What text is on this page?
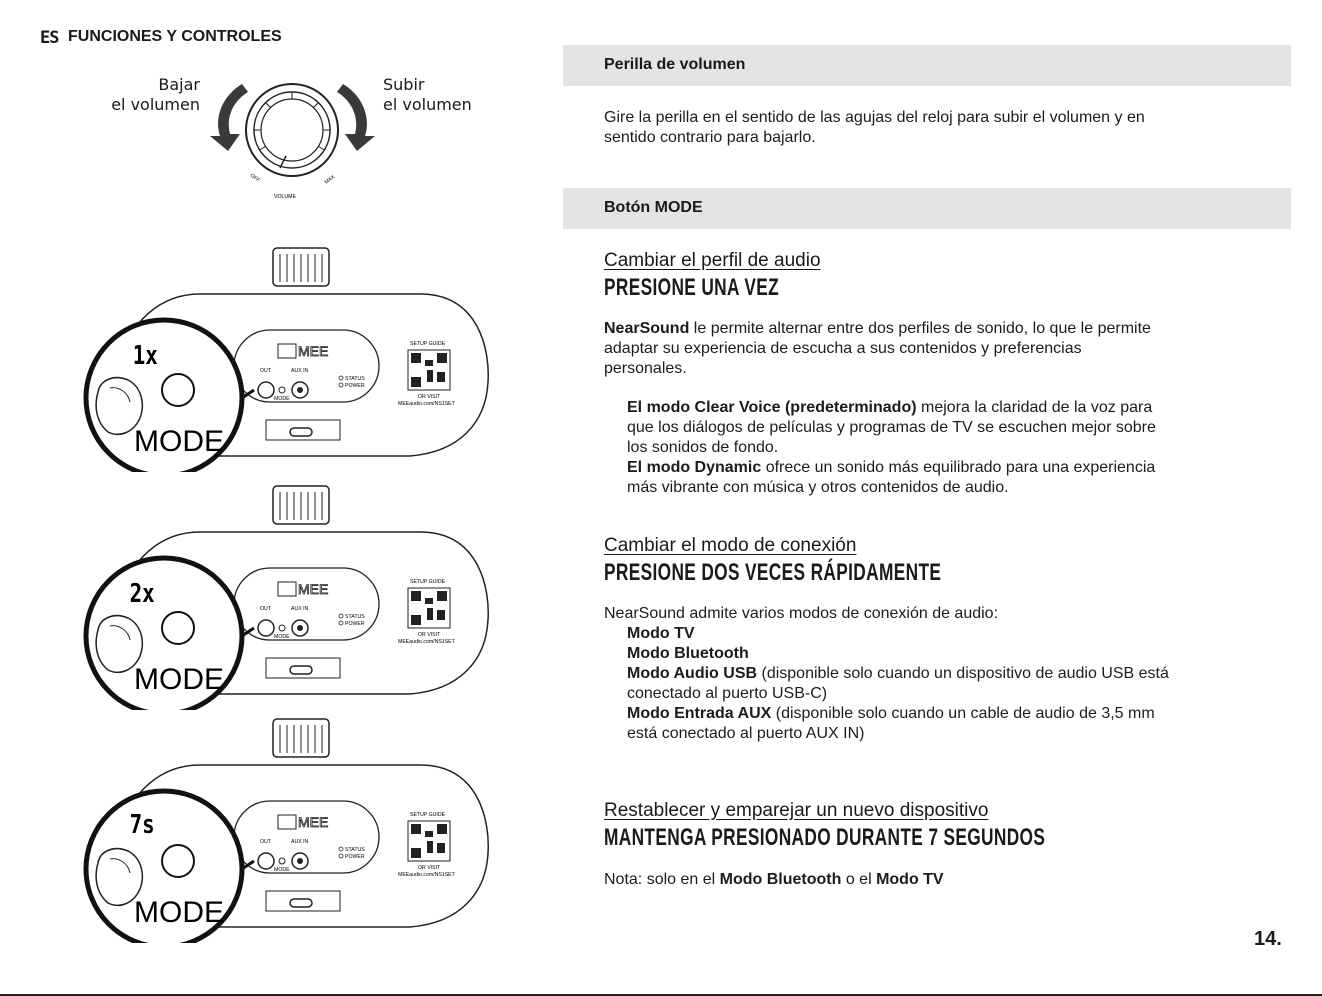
ES FUNCIONES Y CONTROLES
Bajar
el volumen
Subir
el volumen
OFF	MAX
VOLUME
MEE
OUT	AUX IN
MODE
STATUS
POWER
SETUP GUIDE
OR VISIT
MEEaudio.com/NS1SET
1x
MODE
MEE
OUT	AUX IN
MODE
STATUS
POWER
SETUP GUIDE
OR VISIT
MEEaudio.com/NS1SET
2x
MODE
MEE
OUT	AUX IN
MODE
STATUS
POWER
SETUP GUIDE
OR VISIT
MEEaudio.com/NS1SET
7s
MODE
Perilla de volumen
Gire la perilla en el sentido de las agujas del reloj para subir el volumen y en
sentido contrario para bajarlo.
Botón MODE
Cambiar el perfil de audio
PRESIONE UNA VEZ
NearSound le permite alternar entre dos perfiles de sonido, lo que le permite
adaptar su experiencia de escucha a sus contenidos y preferencias
personales.
El modo Clear Voice (predeterminado) mejora la claridad de la voz para
que los diálogos de películas y programas de TV se escuchen mejor sobre
los sonidos de fondo.
El modo Dynamic ofrece un sonido más equilibrado para una experiencia
más vibrante con música y otros contenidos de audio.
Cambiar el modo de conexión
PRESIONE DOS VECES RÁPIDAMENTE
NearSound admite varios modos de conexión de audio:
Modo TV
Modo Bluetooth
Modo Audio USB (disponible solo cuando un dispositivo de audio USB está
conectado al puerto USB-C)
Modo Entrada AUX (disponible solo cuando un cable de audio de 3,5 mm
está conectado al puerto AUX IN)
Restablecer y emparejar un nuevo dispositivo
MANTENGA PRESIONADO DURANTE 7 SEGUNDOS
Nota: solo en el Modo Bluetooth o el Modo TV
14.
